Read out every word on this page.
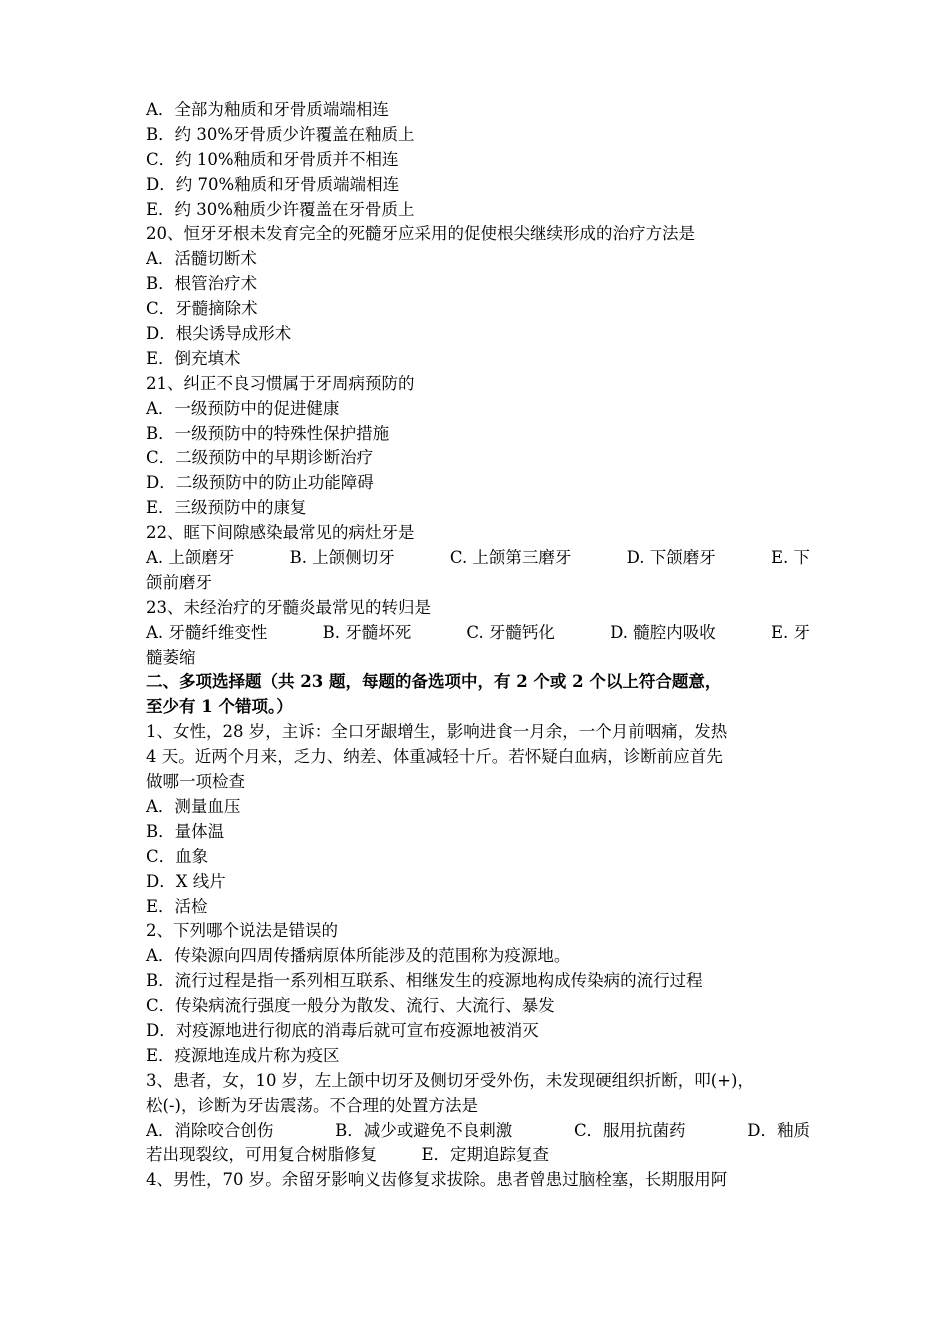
A．全部为釉质和牙骨质端端相连
B．约 30%牙骨质少许覆盖在釉质上
C．约 10%釉质和牙骨质并不相连
D．约 70%釉质和牙骨质端端相连
E．约 30%釉质少许覆盖在牙骨质上
20、恒牙牙根未发育完全的死髓牙应采用的促使根尖继续形成的治疗方法是
A．活髓切断术
B．根管治疗术
C．牙髓摘除术
D．根尖诱导成形术
E．倒充填术
21、纠正不良习惯属于牙周病预防的
A．一级预防中的促进健康
B．一级预防中的特殊性保护措施
C．二级预防中的早期诊断治疗
D．二级预防中的防止功能障碍
E．三级预防中的康复
22、眶下间隙感染最常见的病灶牙是
A. 上颌磨牙	B. 上颌侧切牙	C. 上颌第三磨牙	D. 下颌磨牙	E. 下
颌前磨牙
23、未经治疗的牙髓炎最常见的转归是
A. 牙髓纤维变性	B. 牙髓坏死	C. 牙髓钙化	D. 髓腔内吸收	E. 牙
髓萎缩
二、多项选择题（共 23 题，每题的备选项中，有 2 个或 2 个以上符合题意，
至少有 1 个错项。）
1、女性，28 岁，主诉：全口牙龈增生，影响进食一月余，一个月前咽痛，发热
4 天。近两个月来，乏力、纳差、体重减轻十斤。若怀疑白血病，诊断前应首先
做哪一项检查
A．测量血压
B．量体温
C．血象
D．X 线片
E．活检
2、下列哪个说法是错误的
A．传染源向四周传播病原体所能涉及的范围称为疫源地。
B．流行过程是指一系列相互联系、相继发生的疫源地构成传染病的流行过程
C．传染病流行强度一般分为散发、流行、大流行、暴发
D．对疫源地进行彻底的消毒后就可宣布疫源地被消灭
E．疫源地连成片称为疫区
3、患者，女，10 岁，左上颌中切牙及侧切牙受外伤，未发现硬组织折断，叩(+)，
松(-)，诊断为牙齿震荡。不合理的处置方法是
A．消除咬合创伤	B．减少或避免不良刺激	C．服用抗菌药	D．釉质
若出现裂纹，可用复合树脂修复	E．定期追踪复查
4、男性，70 岁。余留牙影响义齿修复求拔除。患者曾患过脑栓塞，长期服用阿
